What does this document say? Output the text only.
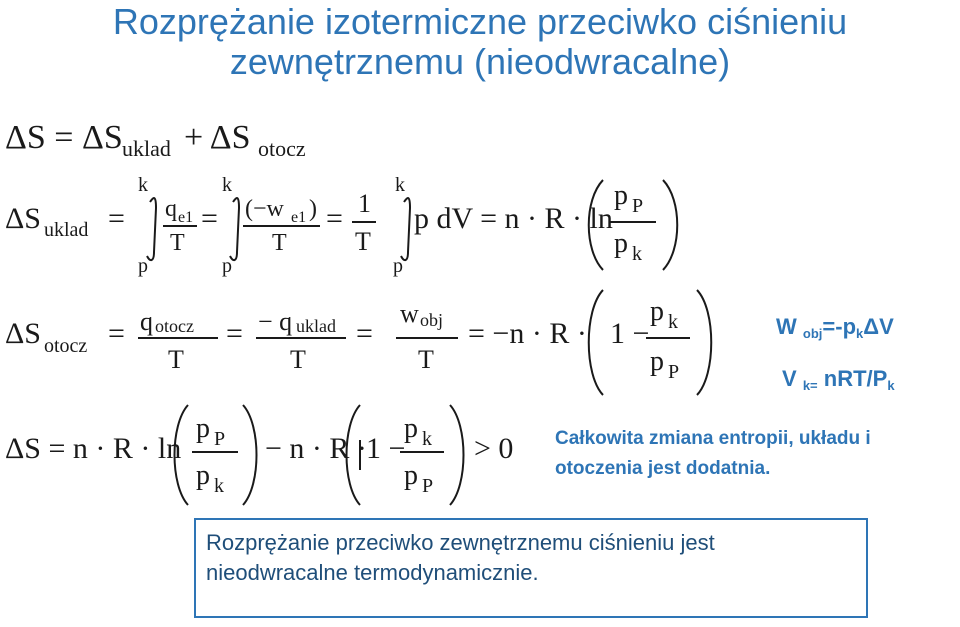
Rozprężanie izotermiczne przeciwko ciśnieniu
zewnętrznemu (nieodwracalne)
ΔS = ΔS uklad + ΔS otocz
ΔS uklad =
k
p
q e1
T
=
k
p
(−w e1 )
T
= 1
T
k
p
p dV = n · R · ln
p P
p k
ΔS otocz = q otocz
T
= − q uklad
T
=
w obj
T
= −n · R · 1 −
p k
p P
ΔS = n · R · ln
p P
p k
− n · R · 1 −
p k
p P
> 0
W $_{obj}=-p_k\Delta V$
V $_{k=}$ nRT/$P_k$
Całkowita zmiana entropii, układu i otoczenia jest dodatnia.
Rozprężanie przeciwko zewnętrznemu ciśnieniu jest
nieodwracalne termodynamicznie.
